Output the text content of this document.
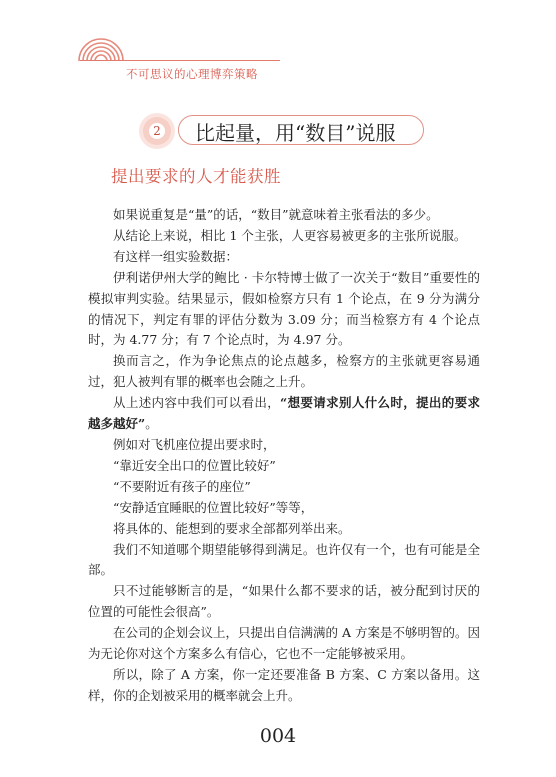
不可思议的心理博弈策略
2 比起量，用“数目”说服
提出要求的人才能获胜

如果说重复是“量”的话，“数目”就意味着主张看法的多少。

从结论上来说，相比 1 个主张，人更容易被更多的主张所说服。

有这样一组实验数据：

伊利诺伊州大学的鲍比 · 卡尔特博士做了一次关于“数目”重要性的模拟审判实验。结果显示，假如检察方只有 1 个论点，在 9 分为满分的情况下，判定有罪的评估分数为 3.09 分；而当检察方有 4 个论点时，为 4.77 分；有 7 个论点时，为 4.97 分。

换而言之，作为争论焦点的论点越多，检察方的主张就更容易通过，犯人被判有罪的概率也会随之上升。

从上述内容中我们可以看出，“想要请求别人什么时，提出的要求越多越好”。

例如对飞机座位提出要求时，

“靠近安全出口的位置比较好”

“不要附近有孩子的座位”

“安静适宜睡眠的位置比较好”等等，

将具体的、能想到的要求全部都列举出来。

我们不知道哪个期望能够得到满足。也许仅有一个，也有可能是全部。

只不过能够断言的是，“如果什么都不要求的话，被分配到讨厌的位置的可能性会很高”。

在公司的企划会议上，只提出自信满满的 A 方案是不够明智的。因为无论你对这个方案多么有信心，它也不一定能够被采用。

所以，除了 A 方案，你一定还要准备 B 方案、C 方案以备用。这样，你的企划被采用的概率就会上升。

004
